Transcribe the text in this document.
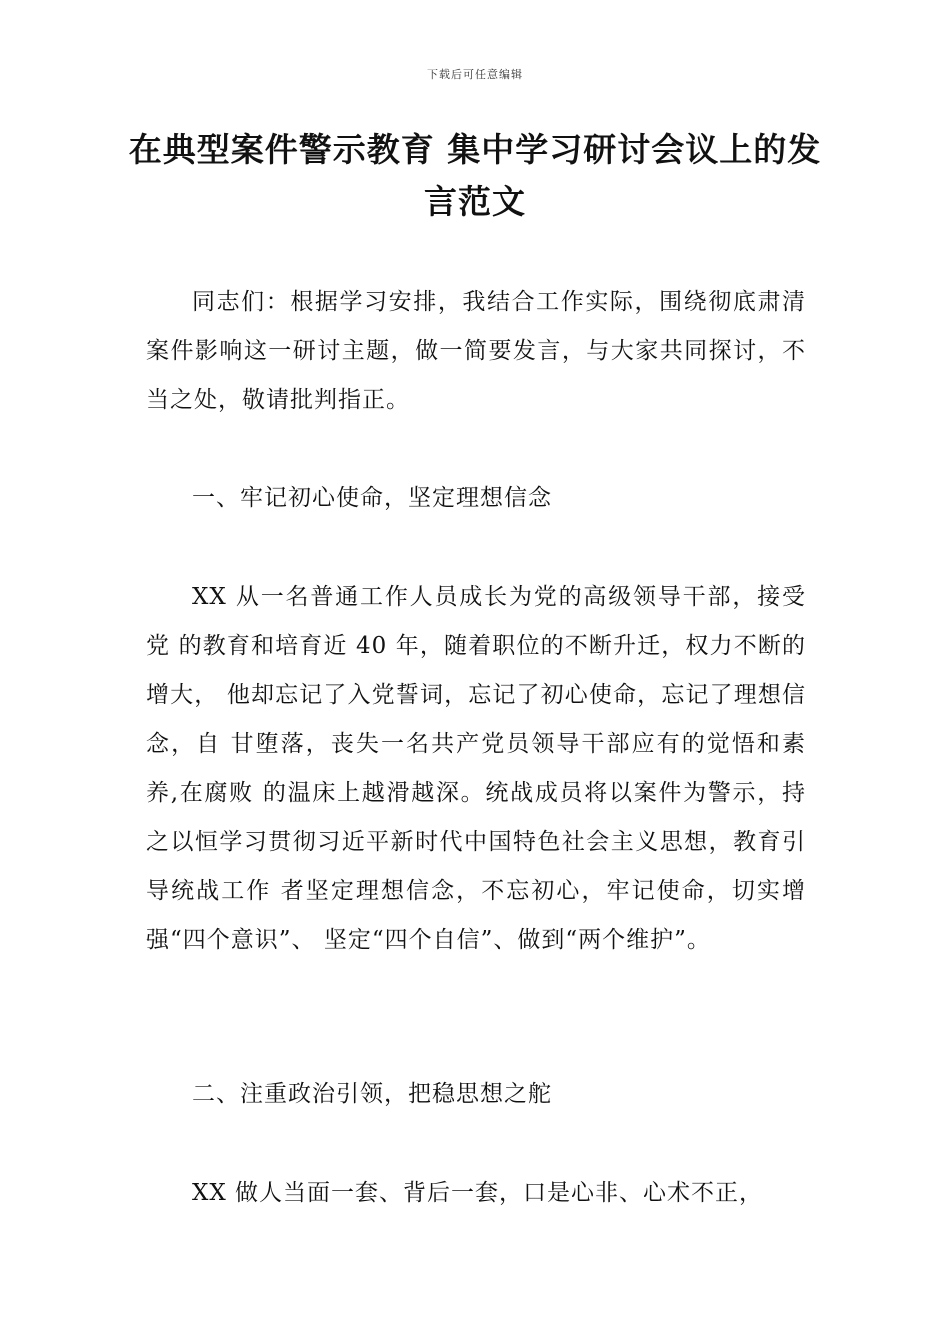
下载后可任意编辑
在典型案件警示教育 集中学习研讨会议上的发言范文

同志们：根据学习安排，我结合工作实际，围绕彻底肃清案件影响这一研讨主题，做一简要发言，与大家共同探讨，不当之处，敬请批判指正。

一、牢记初心使命，坚定理想信念

XX 从一名普通工作人员成长为党的高级领导干部，接受党 的教育和培育近 40 年，随着职位的不断升迁，权力不断的增大， 他却忘记了入党誓词，忘记了初心使命，忘记了理想信念，自 甘堕落，丧失一名共产党员领导干部应有的觉悟和素养,在腐败 的温床上越滑越深。统战成员将以案件为警示，持之以恒学习贯彻习近平新时代中国特色社会主义思想，教育引导统战工作 者坚定理想信念，不忘初心，牢记使命，切实增强“四个意识”、 坚定“四个自信”、做到“两个维护”。

二、注重政治引领，把稳思想之舵

XX 做人当面一套、背后一套，口是心非、心术不正，
